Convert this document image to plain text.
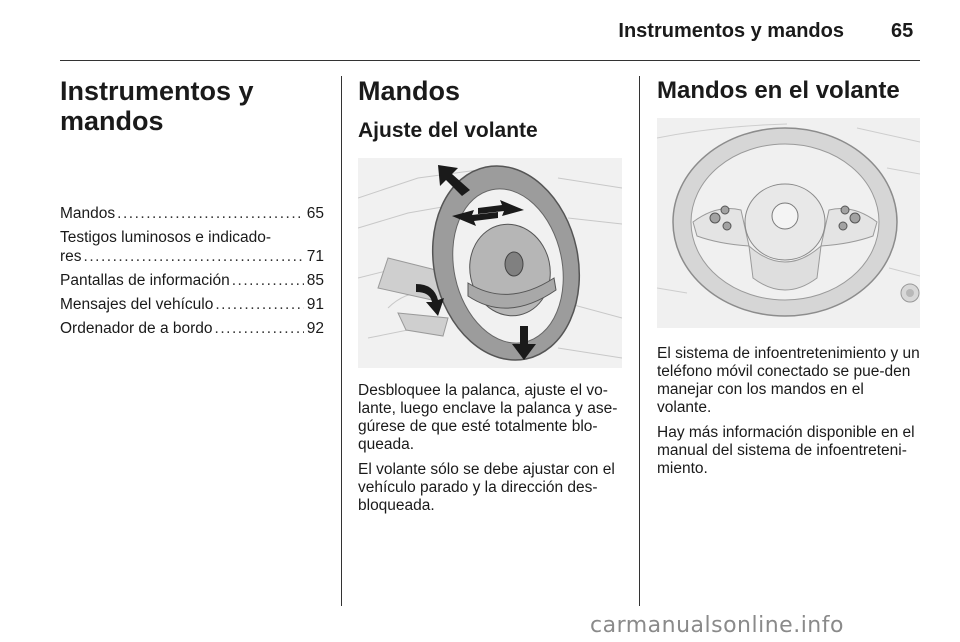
Instrumentos y mandos 65
Instrumentos y mandos
Mandos .....	65
Testigos luminosos e indicado-
res .....	71
Pantallas de información .....	85
Mensajes del vehículo .....	91
Ordenador de a bordo .....	92
Mandos
Ajuste del volante

Desbloquee la palanca, ajuste el vo-lante, luego enclave la palanca y ase-gúrese de que esté totalmente blo-queada.

El volante sólo se debe ajustar con el vehículo parado y la dirección des-bloqueada.

Mandos en el volante

El sistema de infoentretenimiento y un teléfono móvil conectado se pue-den manejar con los mandos en el volante.

Hay más información disponible en el manual del sistema de infoentreteni-miento.

carmanualsonline.info
